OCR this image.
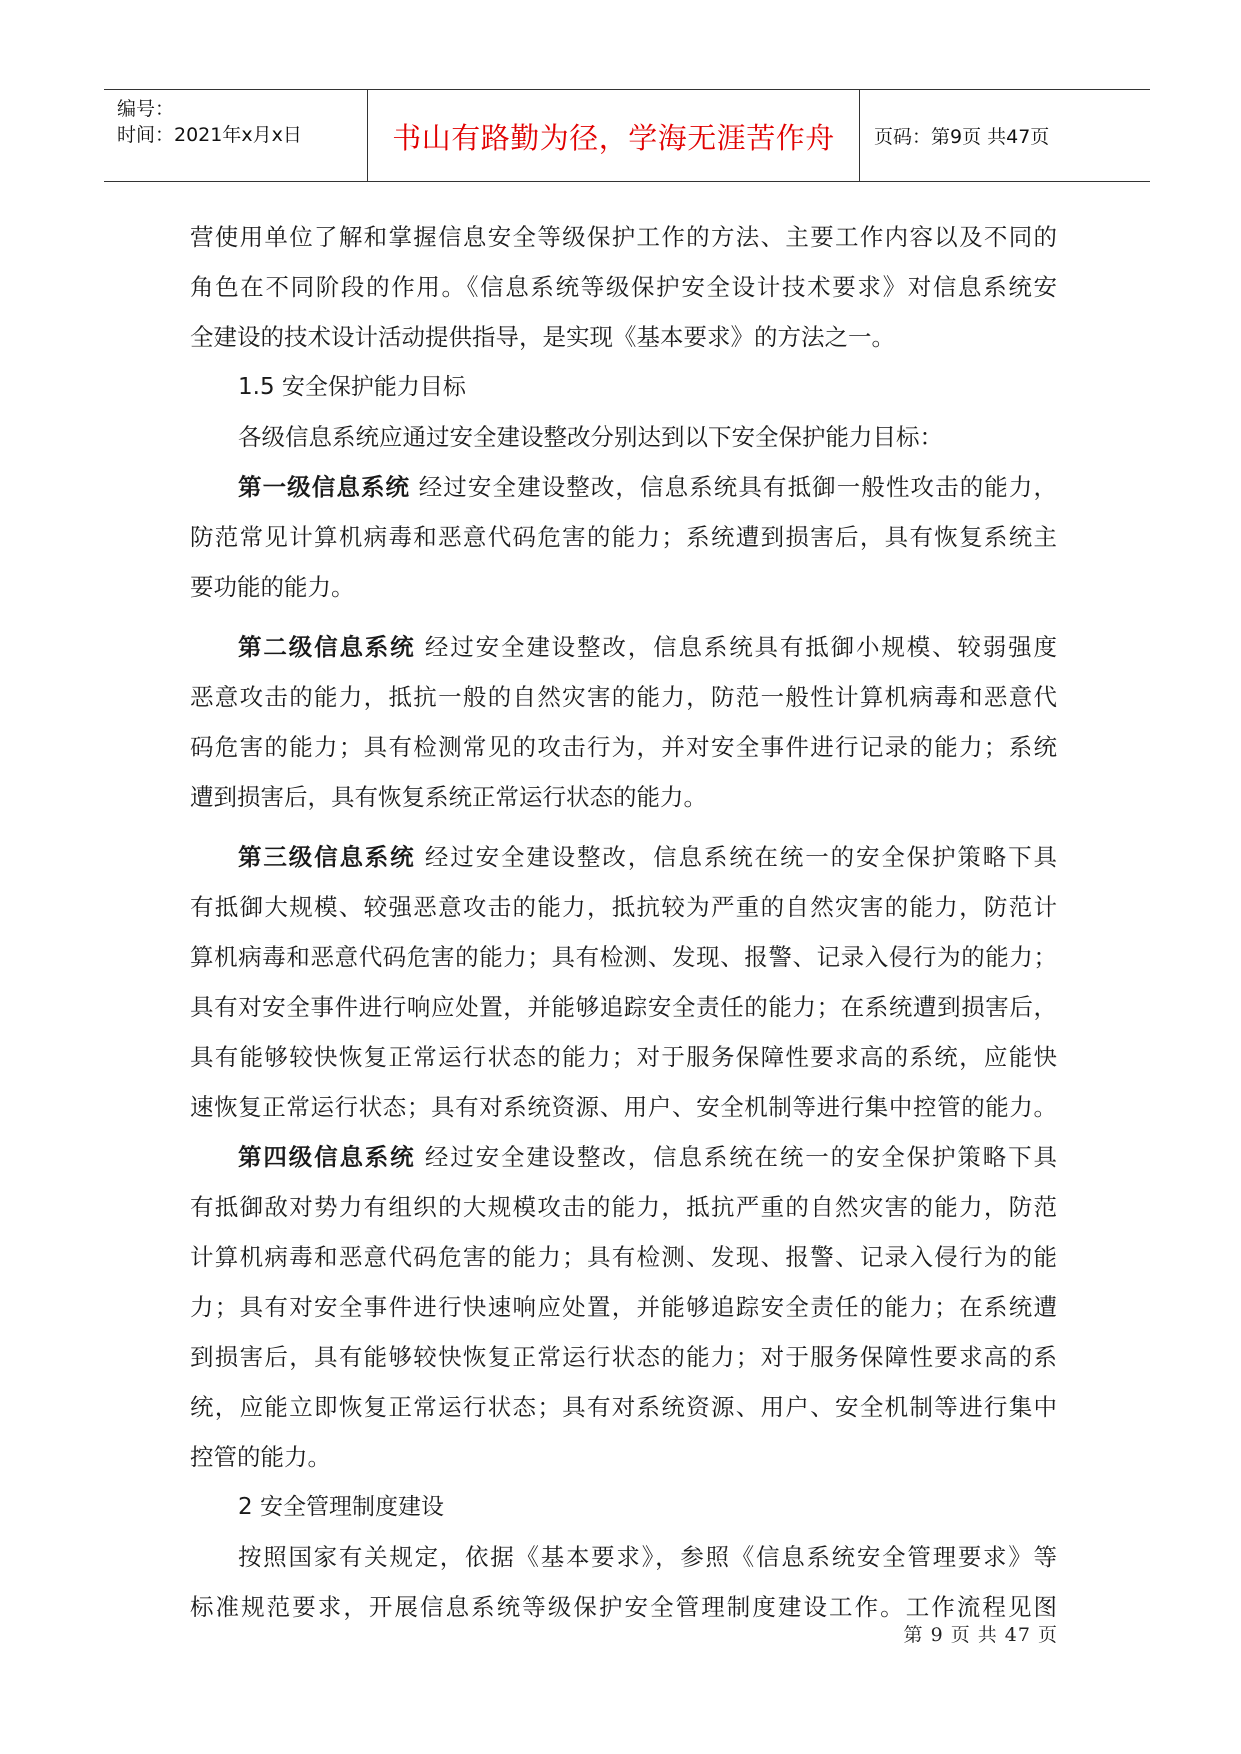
编号：
时间：2021年x月x日	书山有路勤为径，学海无涯苦作舟 页码：第9页 共47页
营使用单位了解和掌握信息安全等级保护工作的方法、主要工作内容以及不同的
角色在不同阶段的作用。《信息系统等级保护安全设计技术要求》对信息系统安
全建设的技术设计活动提供指导，是实现《基本要求》的方法之一。
1.5 安全保护能力目标
各级信息系统应通过安全建设整改分别达到以下安全保护能力目标：
第一级信息系统 经过安全建设整改，信息系统具有抵御一般性攻击的能力，
防范常见计算机病毒和恶意代码危害的能力；系统遭到损害后，具有恢复系统主
要功能的能力。
第二级信息系统 经过安全建设整改，信息系统具有抵御小规模、较弱强度
恶意攻击的能力，抵抗一般的自然灾害的能力，防范一般性计算机病毒和恶意代
码危害的能力；具有检测常见的攻击行为，并对安全事件进行记录的能力；系统
遭到损害后，具有恢复系统正常运行状态的能力。
第三级信息系统 经过安全建设整改，信息系统在统一的安全保护策略下具
有抵御大规模、较强恶意攻击的能力，抵抗较为严重的自然灾害的能力，防范计
算机病毒和恶意代码危害的能力；具有检测、发现、报警、记录入侵行为的能力；
具有对安全事件进行响应处置，并能够追踪安全责任的能力；在系统遭到损害后，
具有能够较快恢复正常运行状态的能力；对于服务保障性要求高的系统，应能快
速恢复正常运行状态；具有对系统资源、用户、安全机制等进行集中控管的能力。
第四级信息系统 经过安全建设整改，信息系统在统一的安全保护策略下具
有抵御敌对势力有组织的大规模攻击的能力，抵抗严重的自然灾害的能力，防范
计算机病毒和恶意代码危害的能力；具有检测、发现、报警、记录入侵行为的能
力；具有对安全事件进行快速响应处置，并能够追踪安全责任的能力；在系统遭
到损害后，具有能够较快恢复正常运行状态的能力；对于服务保障性要求高的系
统，应能立即恢复正常运行状态；具有对系统资源、用户、安全机制等进行集中
控管的能力。
2 安全管理制度建设
按照国家有关规定，依据《基本要求》，参照《信息系统安全管理要求》等
标准规范要求，开展信息系统等级保护安全管理制度建设工作。工作流程见图
第 9 页 共 47 页
